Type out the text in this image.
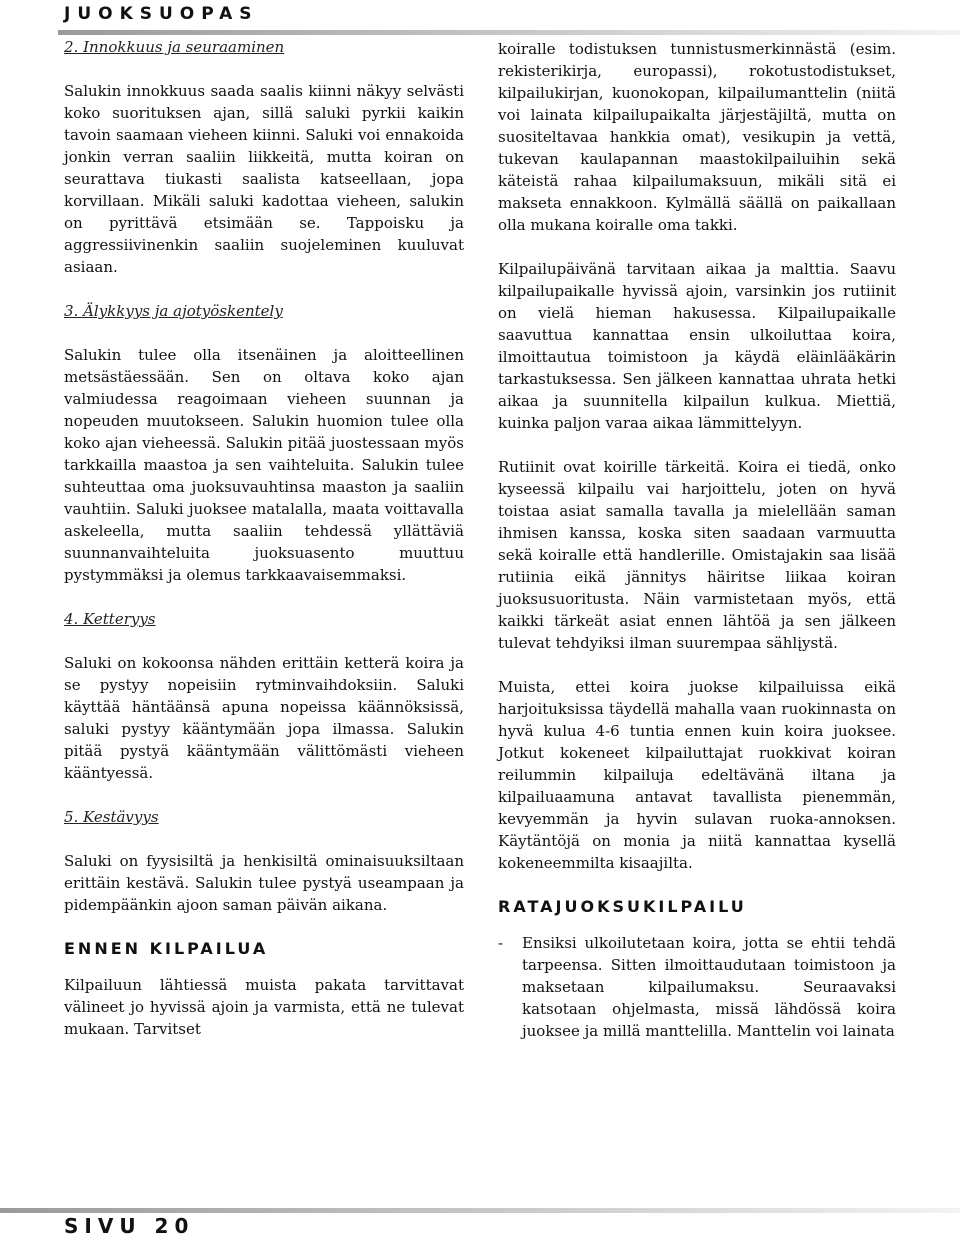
JUOKSUOPAS
2. Innokkuus ja seuraaminen

Salukin innokkuus saada saalis kiinni näkyy selvästi koko suorituksen ajan, sillä saluki pyrkii kaikin tavoin saamaan vieheen kiinni. Saluki voi ennakoida jonkin verran saaliin liikkeitä, mutta koiran on seurattava tiukasti saalista katseellaan, jopa korvillaan. Mikäli saluki kadottaa vieheen, salukin on pyrittävä etsimään se. Tappoisku ja aggressiivinenkin saaliin suojeleminen kuuluvat asiaan.

3. Älykkyys ja ajotyöskentely

Salukin tulee olla itsenäinen ja aloitteellinen metsästäessään. Sen on oltava koko ajan valmiudessa reagoimaan vieheen suunnan ja nopeuden muutokseen. Salukin huomion tulee olla koko ajan vieheessä. Salukin pitää juostessaan myös tarkkailla maastoa ja sen vaihteluita. Salukin tulee suhteuttaa oma juoksuvauhtinsa maaston ja saaliin vauhtiin. Saluki juoksee matalalla, maata voittavalla askeleella, mutta saaliin tehdessä yllättäviä suunnanvaihteluita juoksuasento muuttuu pystymmäksi ja olemus tarkkaavaisemmaksi.

4. Ketteryys

Saluki on kokoonsa nähden erittäin ketterä koira ja se pystyy nopeisiin rytminvaihdoksiin. Saluki käyttää häntäänsä apuna nopeissa käännöksissä, saluki pystyy kääntymään jopa ilmassa. Salukin pitää pystyä kääntymään välittömästi vieheen kääntyessä.

5. Kestävyys

Saluki on fyysisiltä ja henkisiltä ominaisuuksiltaan erittäin kestävä. Salukin tulee pystyä useampaan ja pidempäänkin ajoon saman päivän aikana.

ENNEN KILPAILUA

Kilpailuun lähtiessä muista pakata tarvittavat välineet jo hyvissä ajoin ja varmista, että ne tulevat mukaan. Tarvitset

koiralle todistuksen tunnistusmerkinnästä (esim. rekisterikirja, europassi), rokotustodistukset, kilpailukirjan, kuonokopan, kilpailumanttelin (niitä voi lainata kilpailupaikalta järjestäjiltä, mutta on suositeltavaa hankkia omat), vesikupin ja vettä, tukevan kaulapannan maastokilpailuihin sekä käteistä rahaa kilpailumaksuun, mikäli sitä ei makseta ennakkoon. Kylmällä säällä on paikallaan olla mukana koiralle oma takki.

Kilpailupäivänä tarvitaan aikaa ja malttia. Saavu kilpailupaikalle hyvissä ajoin, varsinkin jos rutiinit on vielä hieman hakusessa. Kilpailupaikalle saavuttua kannattaa ensin ulkoiluttaa koira, ilmoittautua toimistoon ja käydä eläinlääkärin tarkastuksessa. Sen jälkeen kannattaa uhrata hetki aikaa ja suunnitella kilpailun kulkua. Miettiä, kuinka paljon varaa aikaa lämmittelyyn.

Rutiinit ovat koirille tärkeitä. Koira ei tiedä, onko kyseessä kilpailu vai harjoittelu, joten on hyvä toistaa asiat samalla tavalla ja mielellään saman ihmisen kanssa, koska siten saadaan varmuutta sekä koiralle että handlerille. Omistajakin saa lisää rutiinia eikä jännitys häiritse liikaa koiran juoksusuoritusta. Näin varmistetaan myös, että kaikki tärkeät asiat ennen lähtöä ja sen jälkeen tulevat tehdyiksi ilman suurempaa sählįystä.

Muista, ettei koira juokse kilpailuissa eikä harjoituksissa täydellä mahalla vaan ruokinnasta on hyvä kulua 4-6 tuntia ennen kuin koira juoksee. Jotkut kokeneet kilpailuttajat ruokkivat koiran reilummin kilpailuja edeltävänä iltana ja kilpailuaamuna antavat tavallista pienemmän, kevyemmän ja hyvin sulavan ruoka-annoksen. Käytäntöjä on monia ja niitä kannattaa kysellä kokeneemmilta kisaajilta.

RATAJUOKSUKILPAILU
- Ensiksi ulkoilutetaan koira, jotta se ehtii tehdä tarpeensa. Sitten ilmoittaudutaan toimistoon ja maksetaan kilpailumaksu. Seuraavaksi katsotaan ohjelmasta, missä lähdössä koira juoksee ja millä manttelilla. Manttelin voi lainata
SIVU 20
